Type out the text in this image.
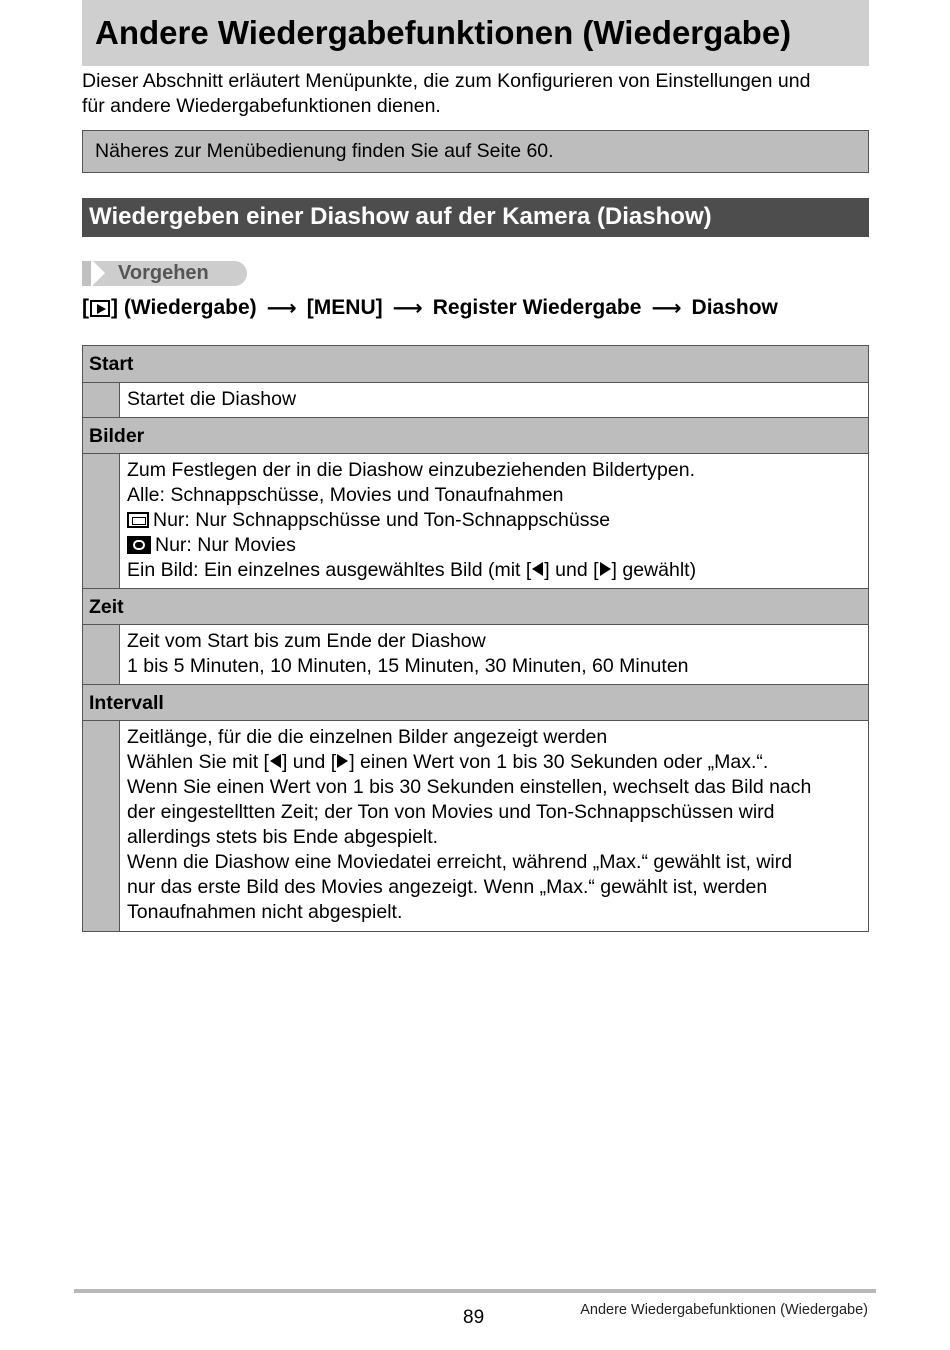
Andere Wiedergabefunktionen (Wiedergabe)
Dieser Abschnitt erläutert Menüpunkte, die zum Konfigurieren von Einstellungen und
für andere Wiedergabefunktionen dienen.
Näheres zur Menübedienung finden Sie auf Seite 60.
Wiedergeben einer Diashow auf der Kamera (Diashow)
Vorgehen
[ ] (Wiedergabe) ⟶ [MENU] ⟶ Register Wiedergabe ⟶ Diashow
Start
Startet die Diashow
Bilder
Zum Festlegen der in die Diashow einzubeziehenden Bildertypen.
Alle: Schnappschüsse, Movies und Tonaufnahmen
Nur: Nur Schnappschüsse und Ton-Schnappschüsse
Nur: Nur Movies
Ein Bild: Ein einzelnes ausgewähltes Bild (mit [ ] und [ ] gewählt)
Zeit
Zeit vom Start bis zum Ende der Diashow
1 bis 5 Minuten, 10 Minuten, 15 Minuten, 30 Minuten, 60 Minuten
Intervall
Zeitlänge, für die die einzelnen Bilder angezeigt werden
Wählen Sie mit [ ] und [ ] einen Wert von 1 bis 30 Sekunden oder „Max.“.
Wenn Sie einen Wert von 1 bis 30 Sekunden einstellen, wechselt das Bild nach
der eingestelltten Zeit; der Ton von Movies und Ton-Schnappschüssen wird
allerdings stets bis Ende abgespielt.
Wenn die Diashow eine Moviedatei erreicht, während „Max.“ gewählt ist, wird
nur das erste Bild des Movies angezeigt. Wenn „Max.“ gewählt ist, werden
Tonaufnahmen nicht abgespielt.
89	Andere Wiedergabefunktionen (Wiedergabe)
